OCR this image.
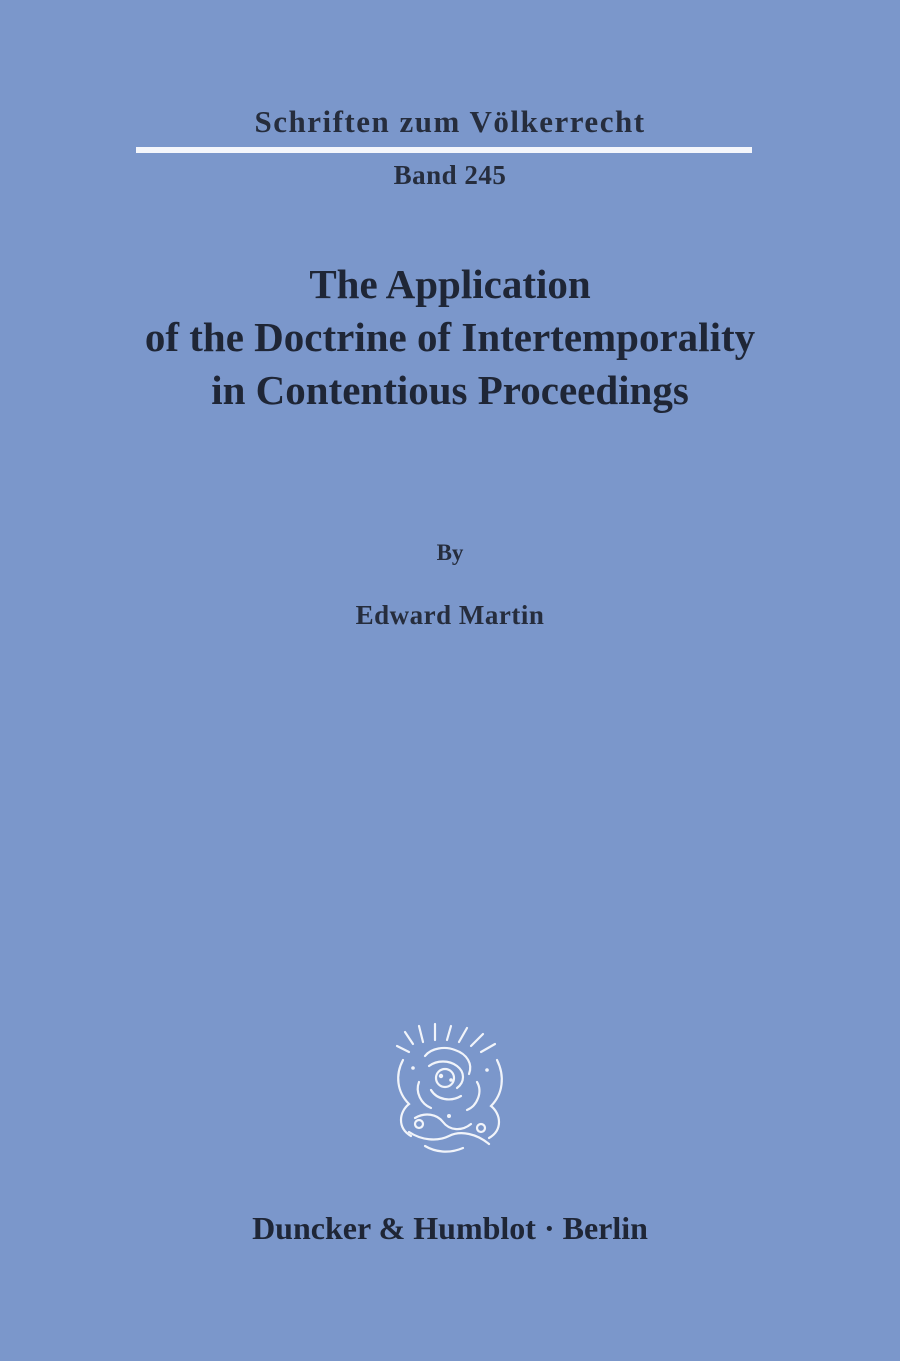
Schriften zum Völkerrecht
Band 245
The Application
of the Doctrine of Intertemporality
in Contentious Proceedings
By
Edward Martin
Duncker & Humblot · Berlin
